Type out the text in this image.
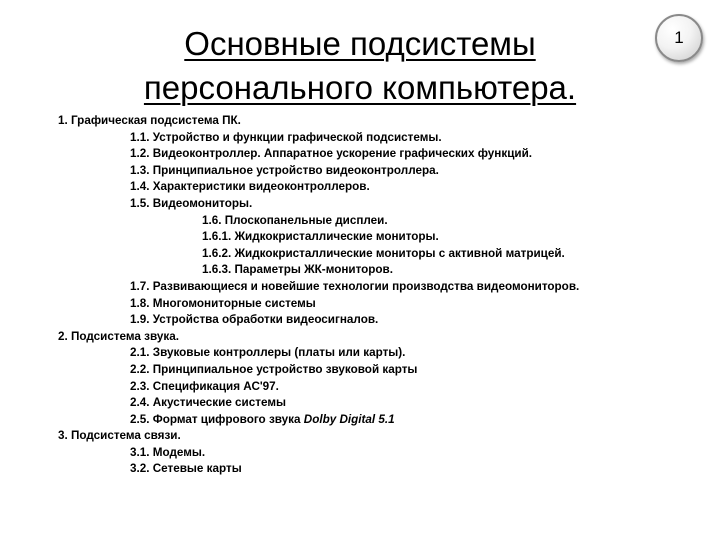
Основные подсистемы
персонального компьютера.
1
1. Графическая подсистема ПК.
1.1. Устройство и функции графической подсистемы.
1.2. Видеоконтроллер. Аппаратное ускорение графических функций.
1.3. Принципиальное устройство видеоконтроллера.
1.4. Характеристики видеоконтроллеров.
1.5. Видеомониторы.
1.6. Плоскопанельные дисплеи.
1.6.1. Жидкокристаллические мониторы.
1.6.2. Жидкокристаллические мониторы с активной матрицей.
1.6.3. Параметры ЖК-мониторов.
1.7. Развивающиеся и новейшие технологии производства видеомониторов.
1.8. Многомониторные системы
1.9. Устройства обработки видеосигналов.
2. Подсистема звука.
2.1. Звуковые контроллеры (платы или карты).
2.2. Принципиальное устройство звуковой карты
2.3. Спецификация АС'97.
2.4. Акустические системы
2.5. Формат цифрового звука Dolby Digital 5.1
3. Подсистема связи.
3.1. Модемы.
3.2. Сетевые карты
